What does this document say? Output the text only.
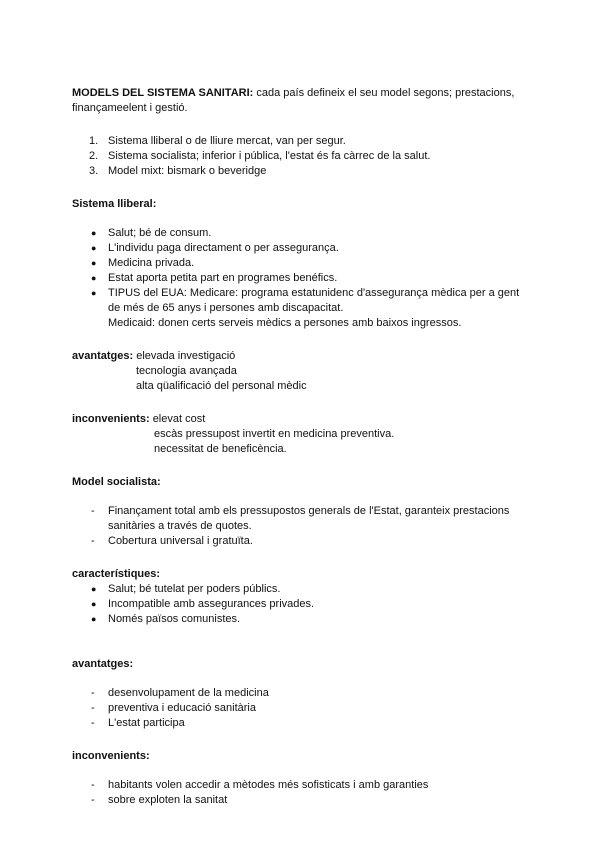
MODELS DEL SISTEMA SANITARI: cada país defineix el seu model segons; prestacions,

finançameelent i gestió.

1. Sistema lliberal o de lliure mercat, van per segur.
2. Sistema socialista; inferior i pública, l'estat és fa càrrec de la salut.
3. Model mixt: bismark o beveridge

Sistema lliberal:

● Salut; bé de consum.
● L'individu paga directament o per assegurança.
● Medicina privada.
● Estat aporta petita part en programes benéfics.
● TIPUS del EUA: Medicare: programa estatunidenc d'assegurança mèdica per a gent

de més de 65 anys i persones amb discapacitat.

Medicaid: donen certs serveis mèdics a persones amb baixos ingressos.

avantatges: elevada investigació

tecnologia avançada

alta qüalificació del personal mèdic

inconvenients: elevat cost

escàs pressupost invertit en medicina preventiva.

necessitat de beneficència.

Model socialista:

- Finançament total amb els pressupostos generals de l'Estat, garanteix prestacions

sanitàries a través de quotes.

- Cobertura universal i gratuïta.

característiques:

● Salut; bé tutelat per poders públics.
● Incompatible amb assegurances privades.
● Només països comunistes.

avantatges:

- desenvolupament de la medicina
- preventiva i educació sanitària
- L'estat participa

inconvenients:

- habitants volen accedir a mètodes més sofisticats i amb garanties
- sobre exploten la sanitat
